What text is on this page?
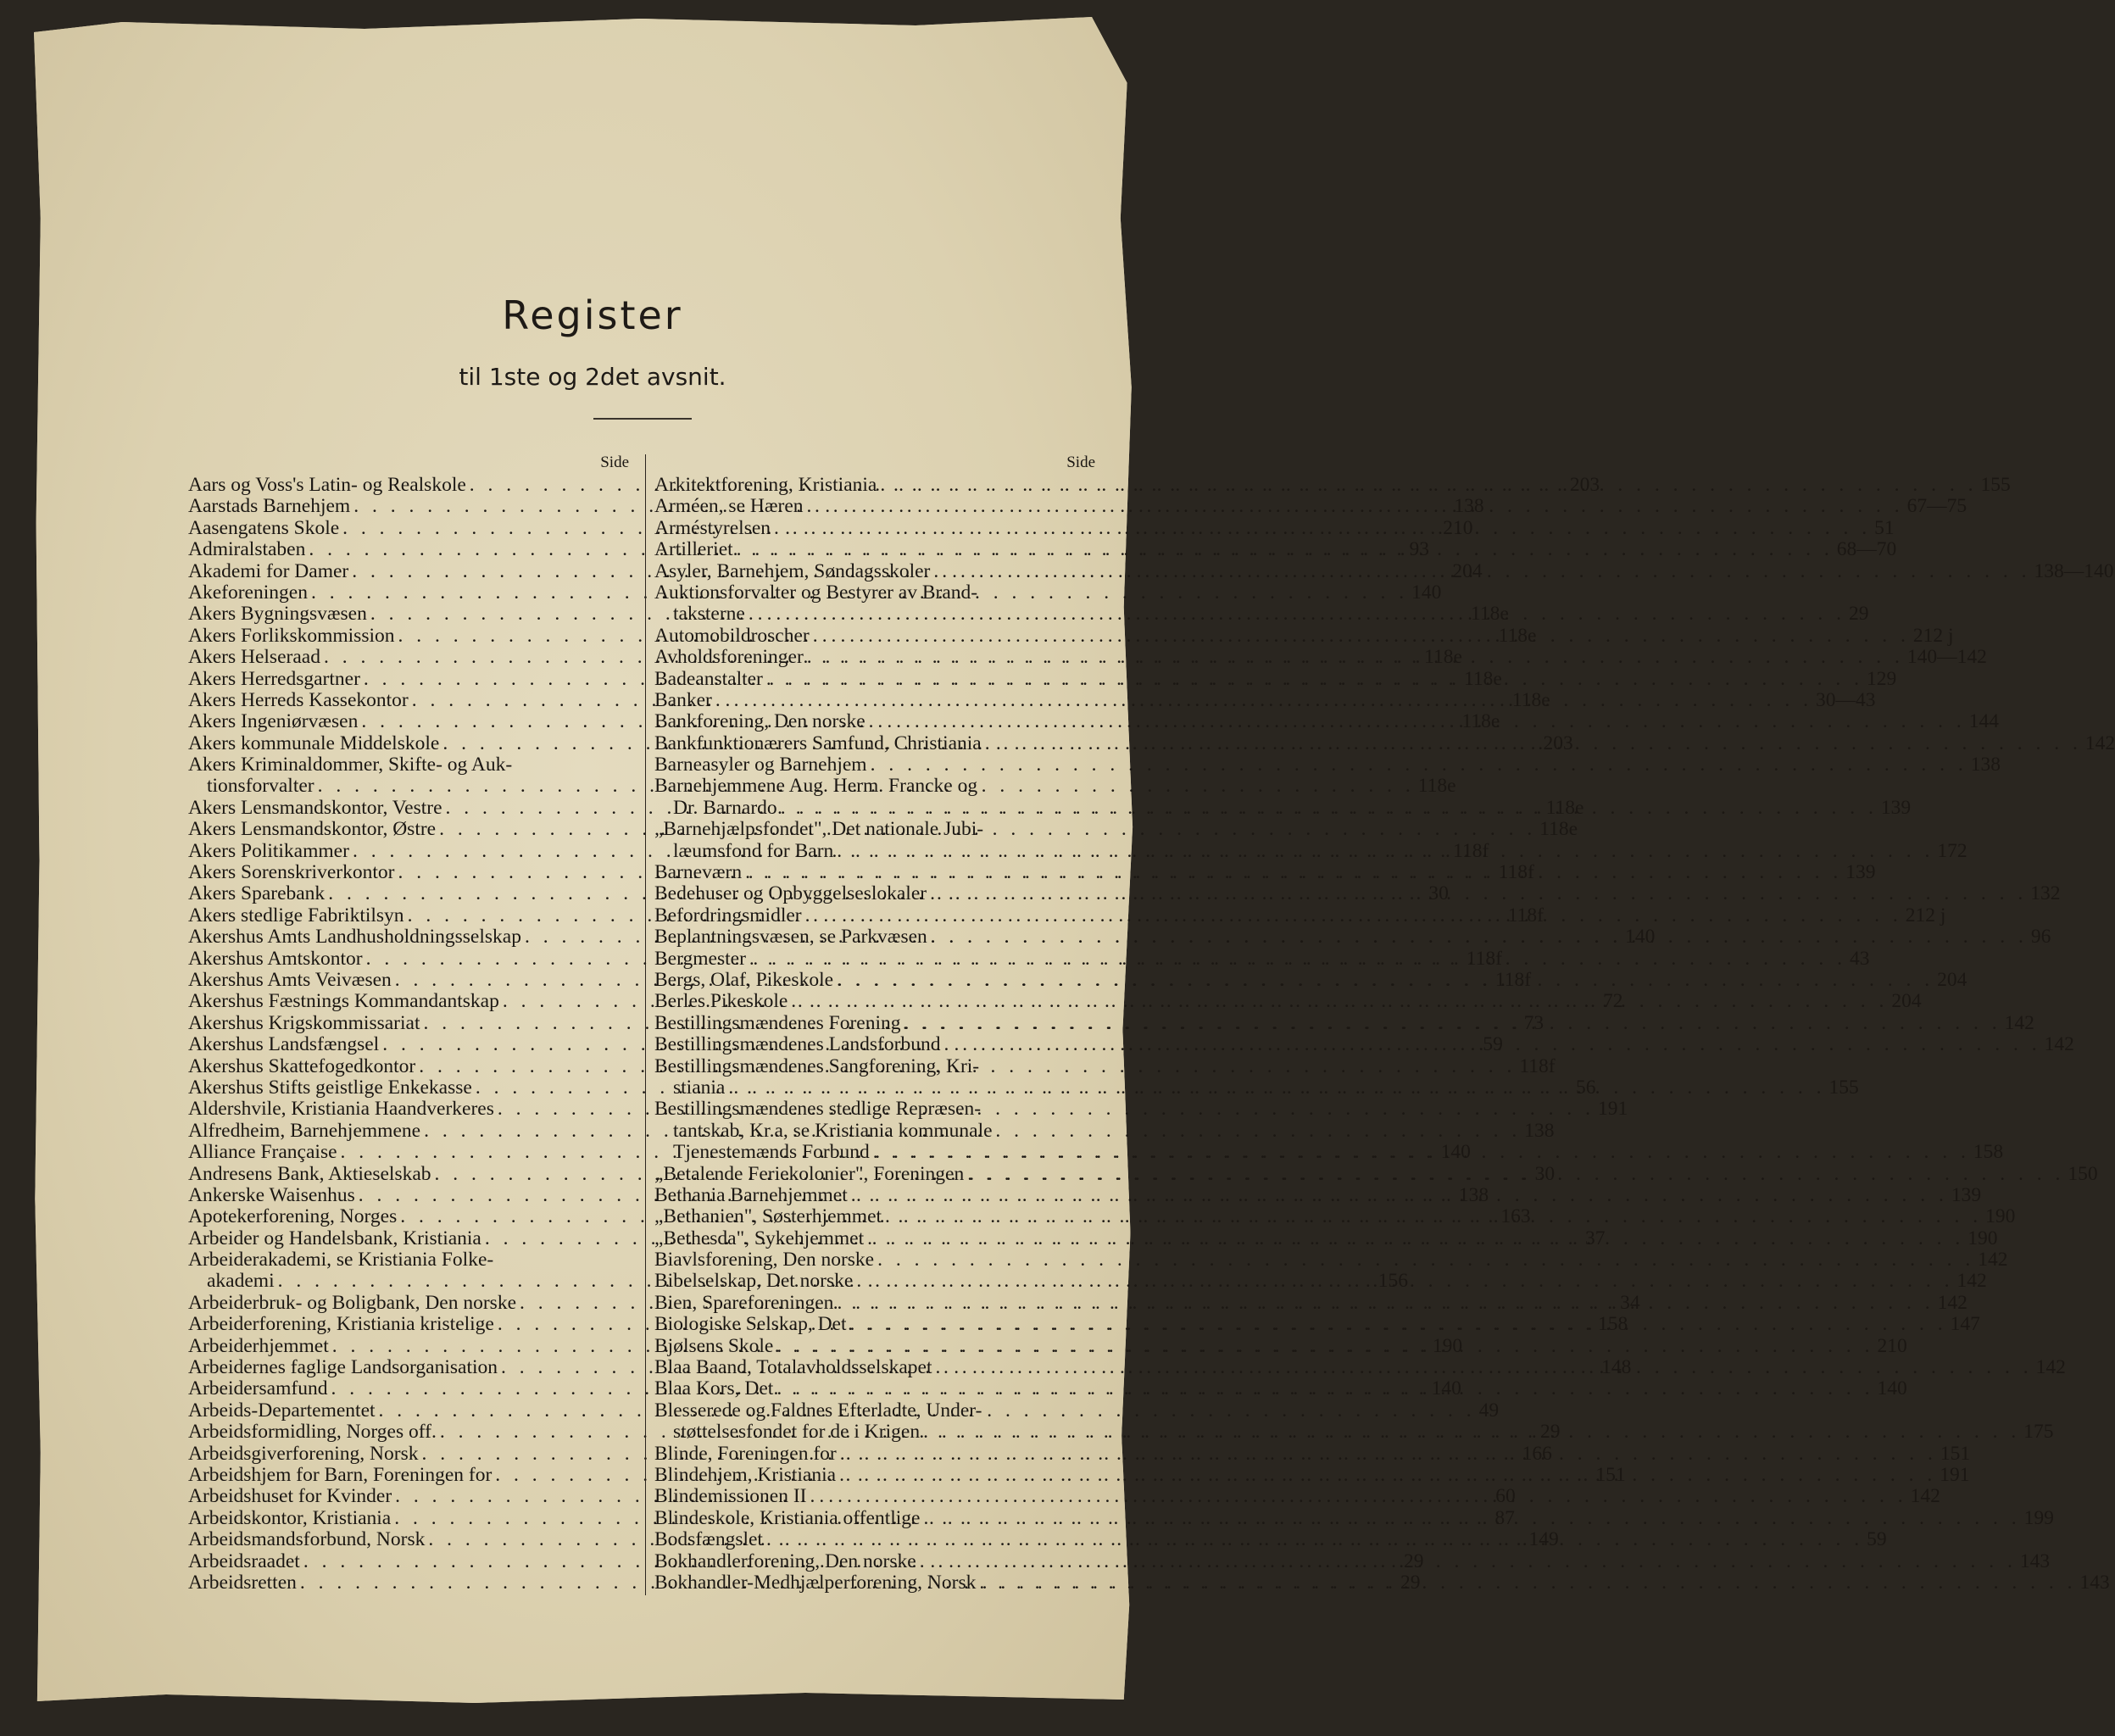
Register
til 1ste og 2det avsnit.
Side
Aars og Voss's Latin- og Realskole . . .	203
Aarstads Barnehjem . . .	138
Aasengatens Skole . . .	210
Admiralstaben . . .	93
Akademi for Damer . . .	204
Akeforeningen . . .	140
Akers Bygningsvæsen . . .	118e
Akers Forlikskommission . . .	118e
Akers Helseraad . . .	118e
Akers Herredsgartner . . .	118e
Akers Herreds Kassekontor . . .	118e
Akers Ingeniørvæsen . . .	118e
Akers kommunale Middelskole . . .	203
Akers Kriminaldommer, Skifte- og Auk-
tionsforvalter . . .	118e
Akers Lensmandskontor, Vestre . . .	118e
Akers Lensmandskontor, Østre . . .	118e
Akers Politikammer . . .	118f
Akers Sorenskriverkontor . . .	118f
Akers Sparebank . . .	30
Akers stedlige Fabriktilsyn . . .	118f
Akershus Amts Landhusholdningsselskap . . .	140
Akershus Amtskontor . . .	118f
Akershus Amts Veivæsen . . .	118f
Akershus Fæstnings Kommandantskap . . .	72
Akershus Krigskommissariat . . .	73
Akershus Landsfængsel . . .	59
Akershus Skattefogedkontor . . .	118f
Akershus Stifts geistlige Enkekasse . . .	56
Aldershvile, Kristiania Haandverkeres . . .	191
Alfredheim, Barnehjemmene . . .	138
Alliance Française . . .	140
Andresens Bank, Aktieselskab . . .	30
Ankerske Waisenhus . . .	138
Apotekerforening, Norges . . .	163
Arbeider og Handelsbank, Kristiania . . .	37
Arbeiderakademi, se Kristiania Folke-
akademi . . .	156
Arbeiderbruk- og Boligbank, Den norske . . .	34
Arbeiderforening, Kristiania kristelige . . .	158
Arbeiderhjemmet . . .	190
Arbeidernes faglige Landsorganisation . . .	148
Arbeidersamfund . . .	140
Arbeids-Departementet . . .	49
Arbeidsformidling, Norges off. . . .	29
Arbeidsgiverforening, Norsk . . .	166
Arbeidshjem for Barn, Foreningen for . . .	151
Arbeidshuset for Kvinder . . .	60
Arbeidskontor, Kristiania . . .	87
Arbeidsmandsforbund, Norsk . . .	149
Arbeidsraadet . . .	29
Arbeidsretten . . .	29
Side
Arkitektforening, Kristiania . . .	155
Arméen, se Hæren . . .	67—75
Arméstyrelsen . . .	51
Artilleriet . . .	68—70
Asyler, Barnehjem, Søndagsskoler . . .	138—140
Auktionsforvalter og Bestyrer av Brand-
taksterne . . .	29
Automobildroscher . . .	212 j
Avholdsforeninger . . .	140—142
Badeanstalter . . .	129
Banker . . .	30—43
Bankforening, Den norske . . .	144
Bankfunktionærers Samfund, Christiania . . .	142
Barneasyler og Barnehjem . . .	138
Barnehjemmene Aug. Herm. Francke og
Dr. Barnardo . . .	139
„Barnehjælpsfondet", Det nationale Jubi-
læumsfond for Barn . . .	172
Barneværn . . .	139
Bedehuser og Opbyggelseslokaler . . .	132
Befordringsmidler . . .	212 j
Beplantningsvæsen, se Parkvæsen . . .	96
Bergmester . . .	43
Bergs, Olaf, Pikeskole . . .	204
Berles Pikeskole . . .	204
Bestillingsmændenes Forening . . .	142
Bestillingsmændenes Landsforbund . . .	142
Bestillingsmændenes Sangforening, Kri-
stiania . . .	155
Bestillingsmændenes stedlige Repræsen-
tantskab, Kr.a, se Kristiania kommunale
Tjenestemænds Forbund . . .	158
„Betalende Feriekolonier", Foreningen . . .	150
Bethania Barnehjemmet . . .	139
„Bethanien", Søsterhjemmet . . .	190
„Bethesda", Sykehjemmet . . .	190
Biavlsforening, Den norske . . .	142
Bibelselskap, Det norske . . .	142
Bien, Spareforeningen . . .	142
Biologiske Selskap, Det . . .	147
Bjølsens Skole . . .	210
Blaa Baand, Totalavholdsselskapet . . .	142
Blaa Kors, Det . . .	140
Blesserede og Faldnes Efterladte, Under-
støttelsesfondet for de i Krigen . . .	175
Blinde, Foreningen for . . .	151
Blindehjem, Kristiania . . .	191
Blindemissionen II . . .	142
Blindeskole, Kristiania offentlige . . .	199
Bodsfængslet . . .	59
Bokhandlerforening, Den norske . . .	143
Bokhandler-Medhjælperforening, Norsk . . .	143
